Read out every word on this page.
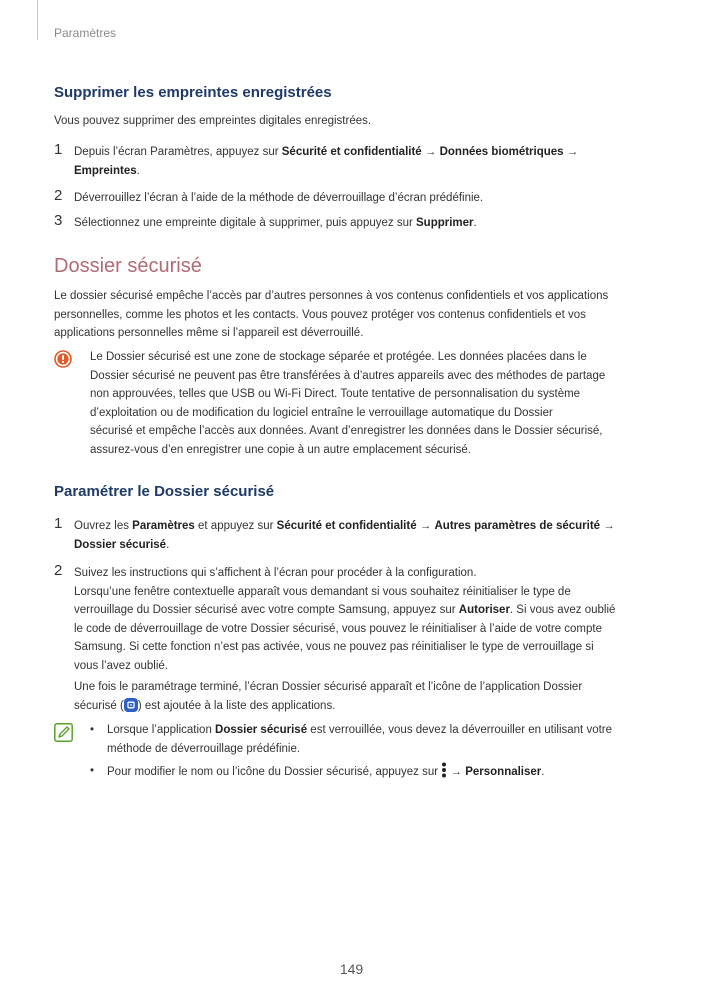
Paramètres
Supprimer les empreintes enregistrées
Vous pouvez supprimer des empreintes digitales enregistrées.
1 Depuis l’écran Paramètres, appuyez sur Sécurité et confidentialité → Données biométriques →
Empreintes.
2 Déverrouillez l’écran à l’aide de la méthode de déverrouillage d’écran prédéfinie.
3 Sélectionnez une empreinte digitale à supprimer, puis appuyez sur Supprimer.
Dossier sécurisé
Le dossier sécurisé empêche l’accès par d’autres personnes à vos contenus confidentiels et vos applications
personnelles, comme les photos et les contacts. Vous pouvez protéger vos contenus confidentiels et vos
applications personnelles même si l’appareil est déverrouillé.
Le Dossier sécurisé est une zone de stockage séparée et protégée. Les données placées dans le
Dossier sécurisé ne peuvent pas être transférées à d’autres appareils avec des méthodes de partage
non approuvées, telles que USB ou Wi-Fi Direct. Toute tentative de personnalisation du système
d’exploitation ou de modification du logiciel entraîne le verrouillage automatique du Dossier
sécurisé et empêche l’accès aux données. Avant d’enregistrer les données dans le Dossier sécurisé,
assurez-vous d’en enregistrer une copie à un autre emplacement sécurisé.
Paramétrer le Dossier sécurisé
1 Ouvrez les Paramètres et appuyez sur Sécurité et confidentialité → Autres paramètres de sécurité →
Dossier sécurisé.
2 Suivez les instructions qui s’affichent à l’écran pour procéder à la configuration.
Lorsqu’une fenêtre contextuelle apparaît vous demandant si vous souhaitez réinitialiser le type de
verrouillage du Dossier sécurisé avec votre compte Samsung, appuyez sur Autoriser. Si vous avez oublié
le code de déverrouillage de votre Dossier sécurisé, vous pouvez le réinitialiser à l’aide de votre compte
Samsung. Si cette fonction n’est pas activée, vous ne pouvez pas réinitialiser le type de verrouillage si
vous l’avez oublié.
Une fois le paramétrage terminé, l’écran Dossier sécurisé apparaît et l’icône de l’application Dossier
sécurisé ( ) est ajoutée à la liste des applications.
• Lorsque l’application Dossier sécurisé est verrouillée, vous devez la déverrouiller en utilisant votre
méthode de déverrouillage prédéfinie.
• Pour modifier le nom ou l’icône du Dossier sécurisé, appuyez sur  → Personnaliser.
149
